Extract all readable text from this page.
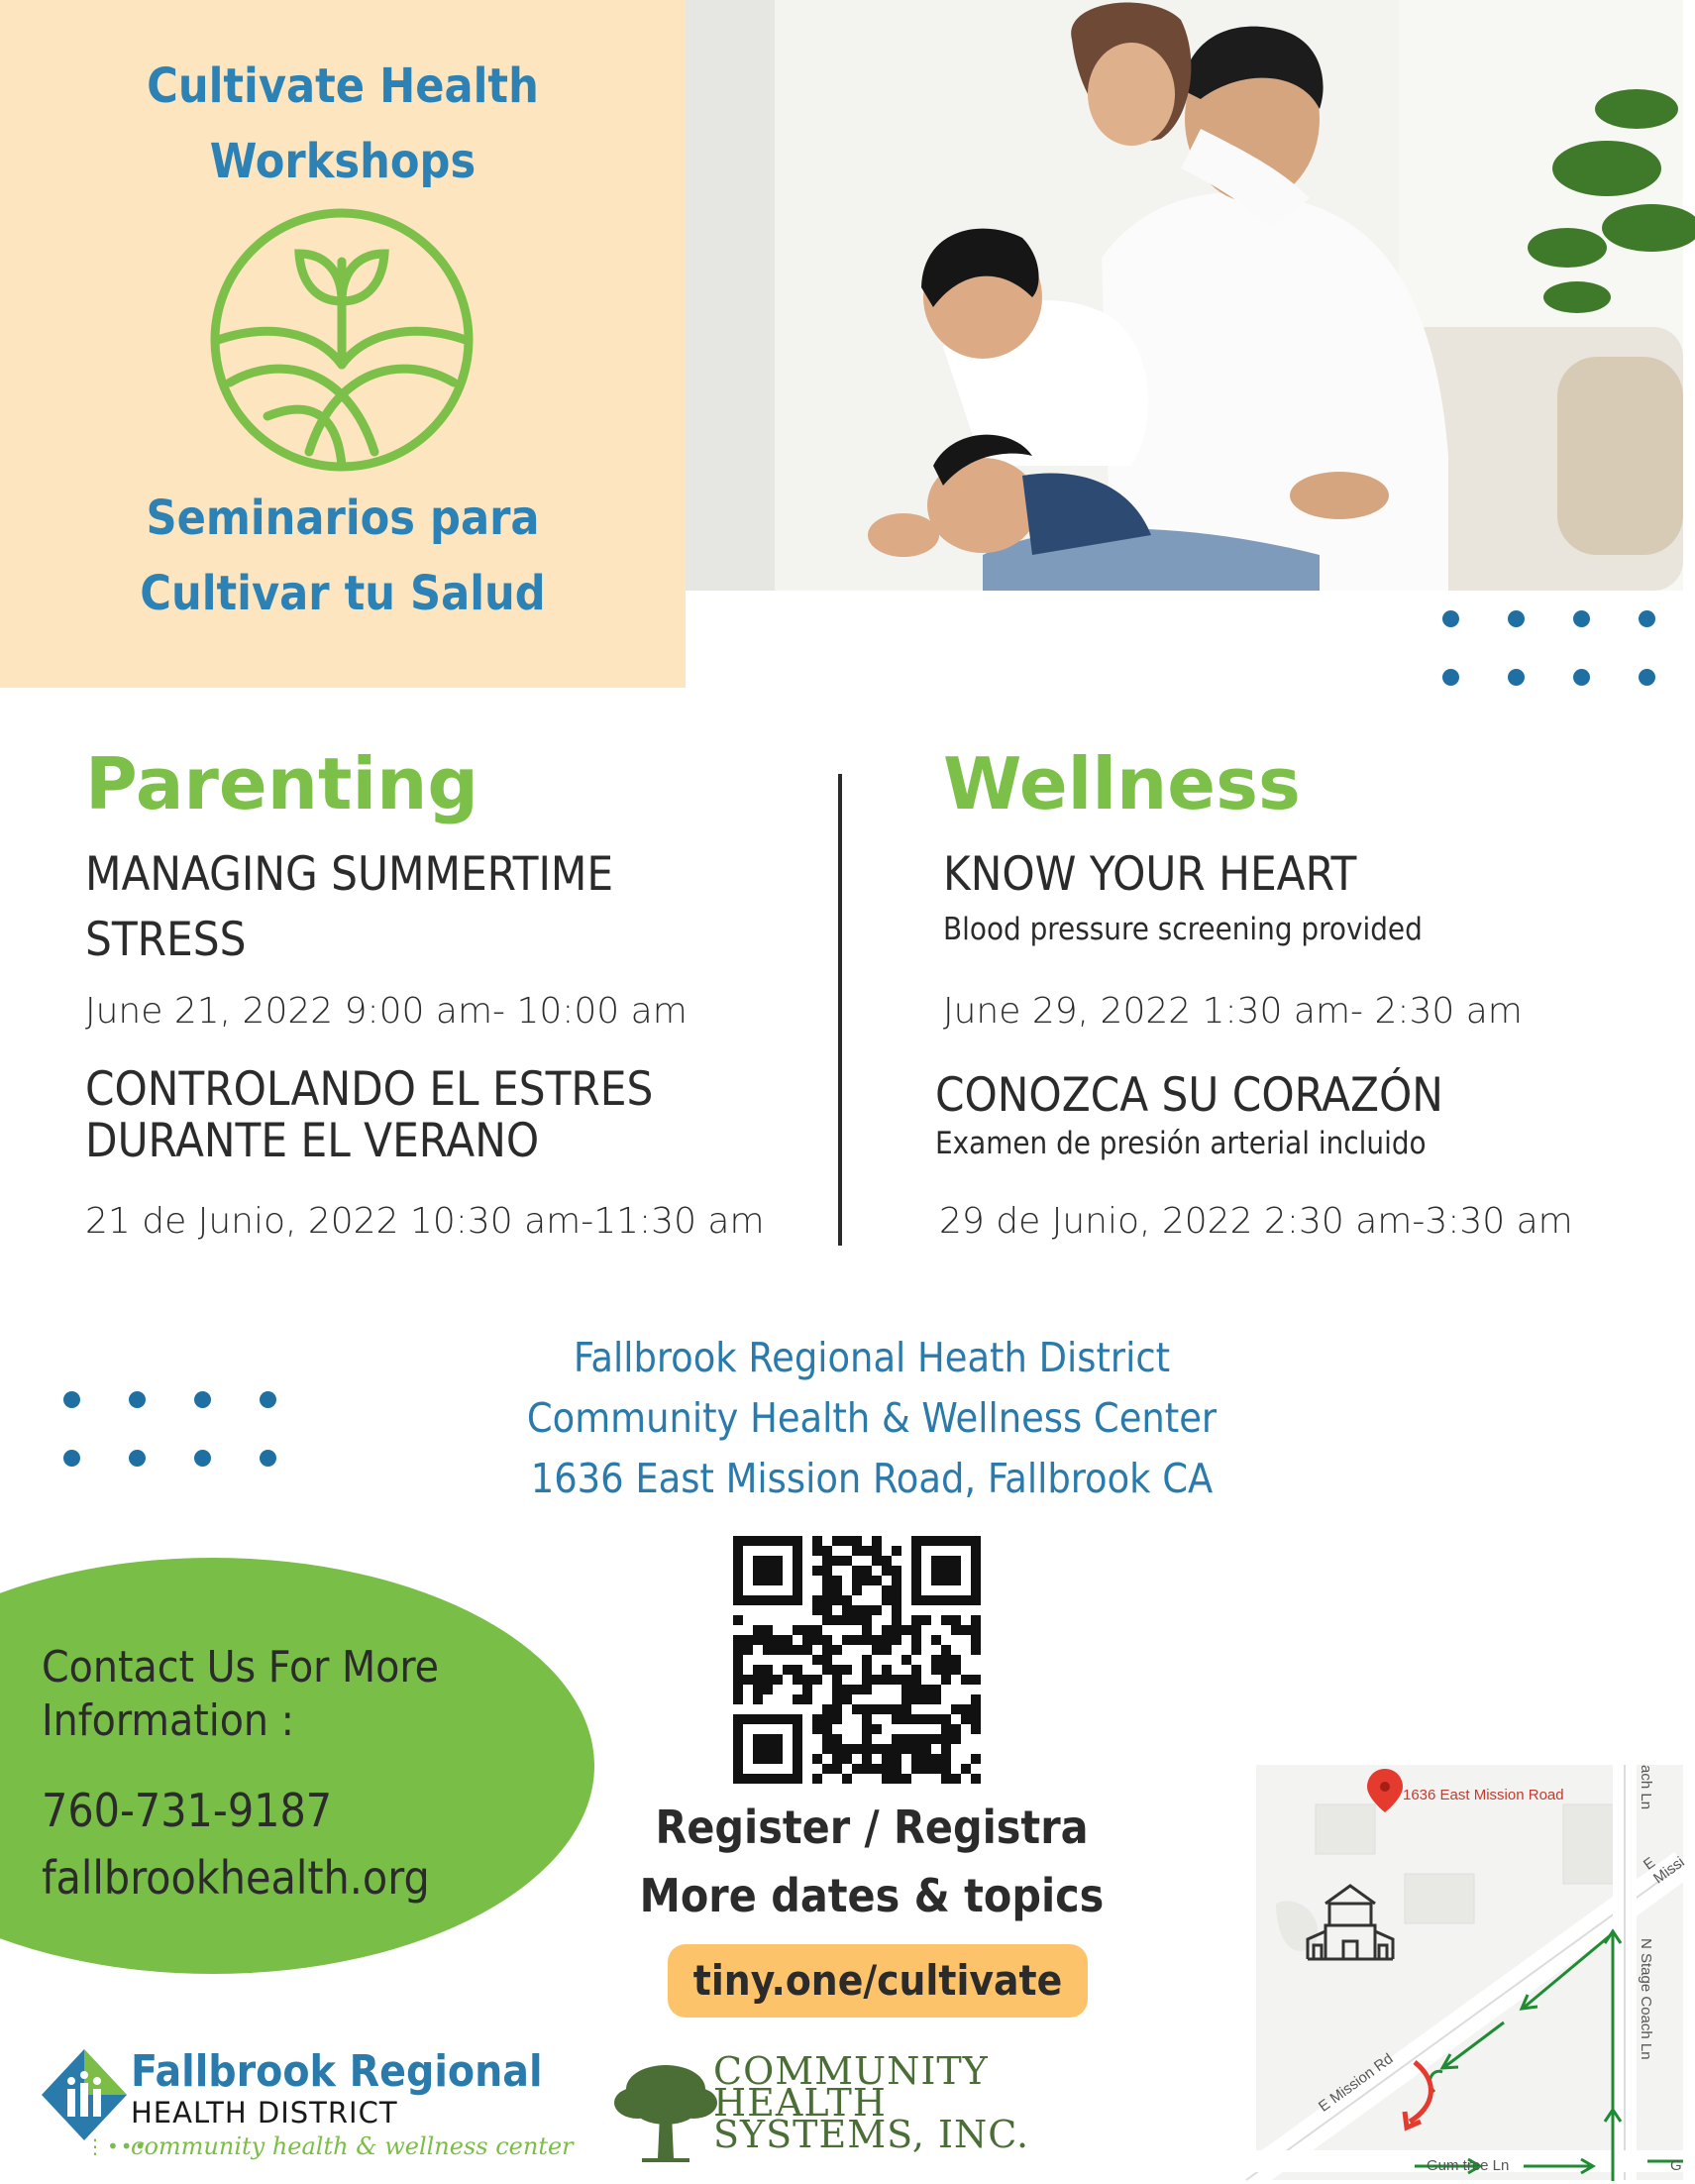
Cultivate Health
Workshops
Seminarios para
Cultivar tu Salud
Parenting
MANAGING SUMMERTIME
STRESS
June 21, 2022 9:00 am- 10:00 am
CONTROLANDO EL ESTRES
DURANTE EL VERANO
21 de Junio, 2022 10:30 am-11:30 am
Wellness
KNOW YOUR HEART
Blood pressure screening provided
June 29, 2022 1:30 am- 2:30 am
CONOZCA SU CORAZÓN
Examen de presión arterial incluido
29 de Junio, 2022 2:30 am-3:30 am
Fallbrook Regional Heath District
Community Health & Wellness Center
1636 East Mission Road, Fallbrook CA
Contact Us For More
Information :
760-731-9187
fallbrookhealth.org
Register / Registra
More dates & topics
tiny.one/cultivate
1636 East Mission Road
E Mission Rd
E Missi
N Stage Coach Ln
ach Ln
Gum tree Ln	G
Fallbrook Regional
HEALTH DISTRICT
⋮•••
community health & wellness center
COMMUNITY
HEALTH
SYSTEMS, INC.
